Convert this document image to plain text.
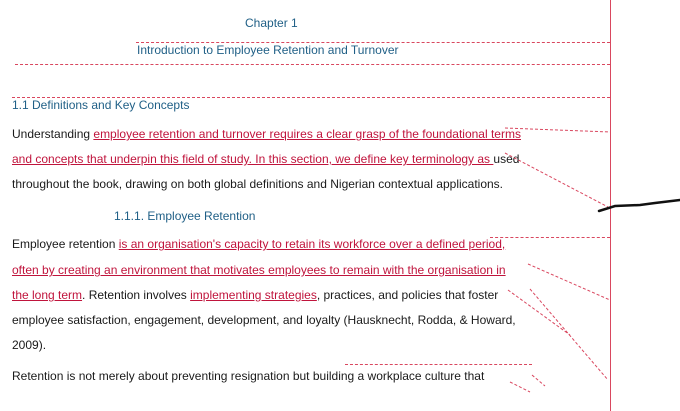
Chapter 1
Introduction to Employee Retention and Turnover
1.1 Definitions and Key Concepts
Understanding employee retention and turnover requires a clear grasp of the foundational terms
and concepts that underpin this field of study. In this section, we define key terminology as used
throughout the book, drawing on both global definitions and Nigerian contextual applications.
1.1.1. Employee Retention
Employee retention is an organisation's capacity to retain its workforce over a defined period,
often by creating an environment that motivates employees to remain with the organisation in
the long term. Retention involves implementing strategies, practices, and policies that foster
employee satisfaction, engagement, development, and loyalty (Hausknecht, Rodda, & Howard,
2009).
Retention is not merely about preventing resignation but building a workplace culture that
